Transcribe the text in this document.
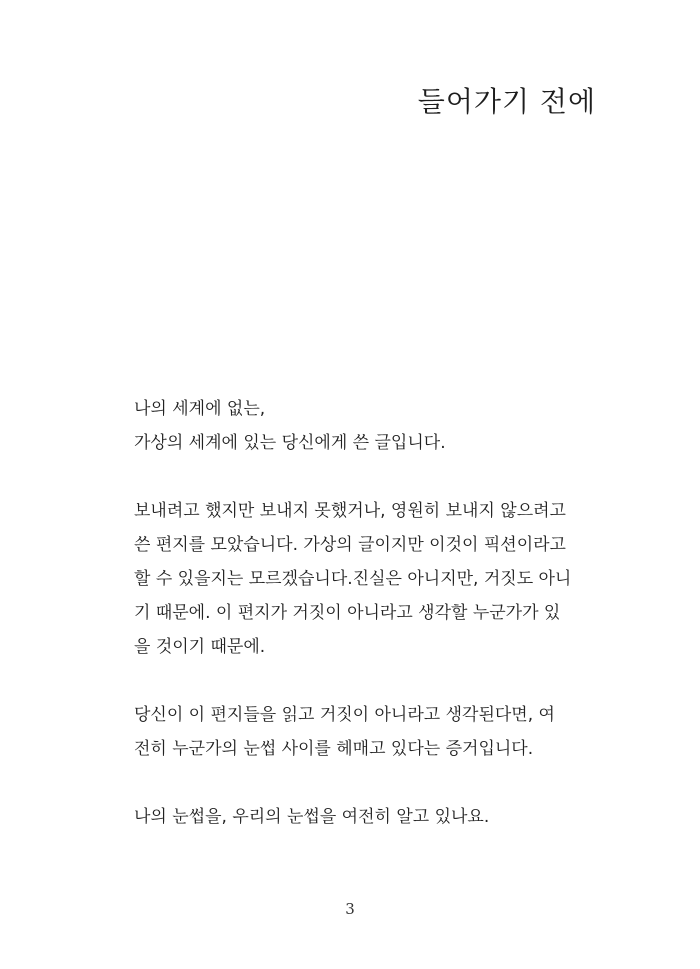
들어가기 전에

나의 세계에 없는,
가상의 세계에 있는 당신에게 쓴 글입니다.

보내려고 했지만 보내지 못했거나, 영원히 보내지 않으려고
쓴 편지를 모았습니다. 가상의 글이지만 이것이 픽션이라고
할 수 있을지는 모르겠습니다.진실은 아니지만, 거짓도 아니
기 때문에. 이 편지가 거짓이 아니라고 생각할 누군가가 있
을 것이기 때문에.

당신이 이 편지들을 읽고 거짓이 아니라고 생각된다면, 여
전히 누군가의 눈썹 사이를 헤매고 있다는 증거입니다.

나의 눈썹을, 우리의 눈썹을 여전히 알고 있나요.

3
